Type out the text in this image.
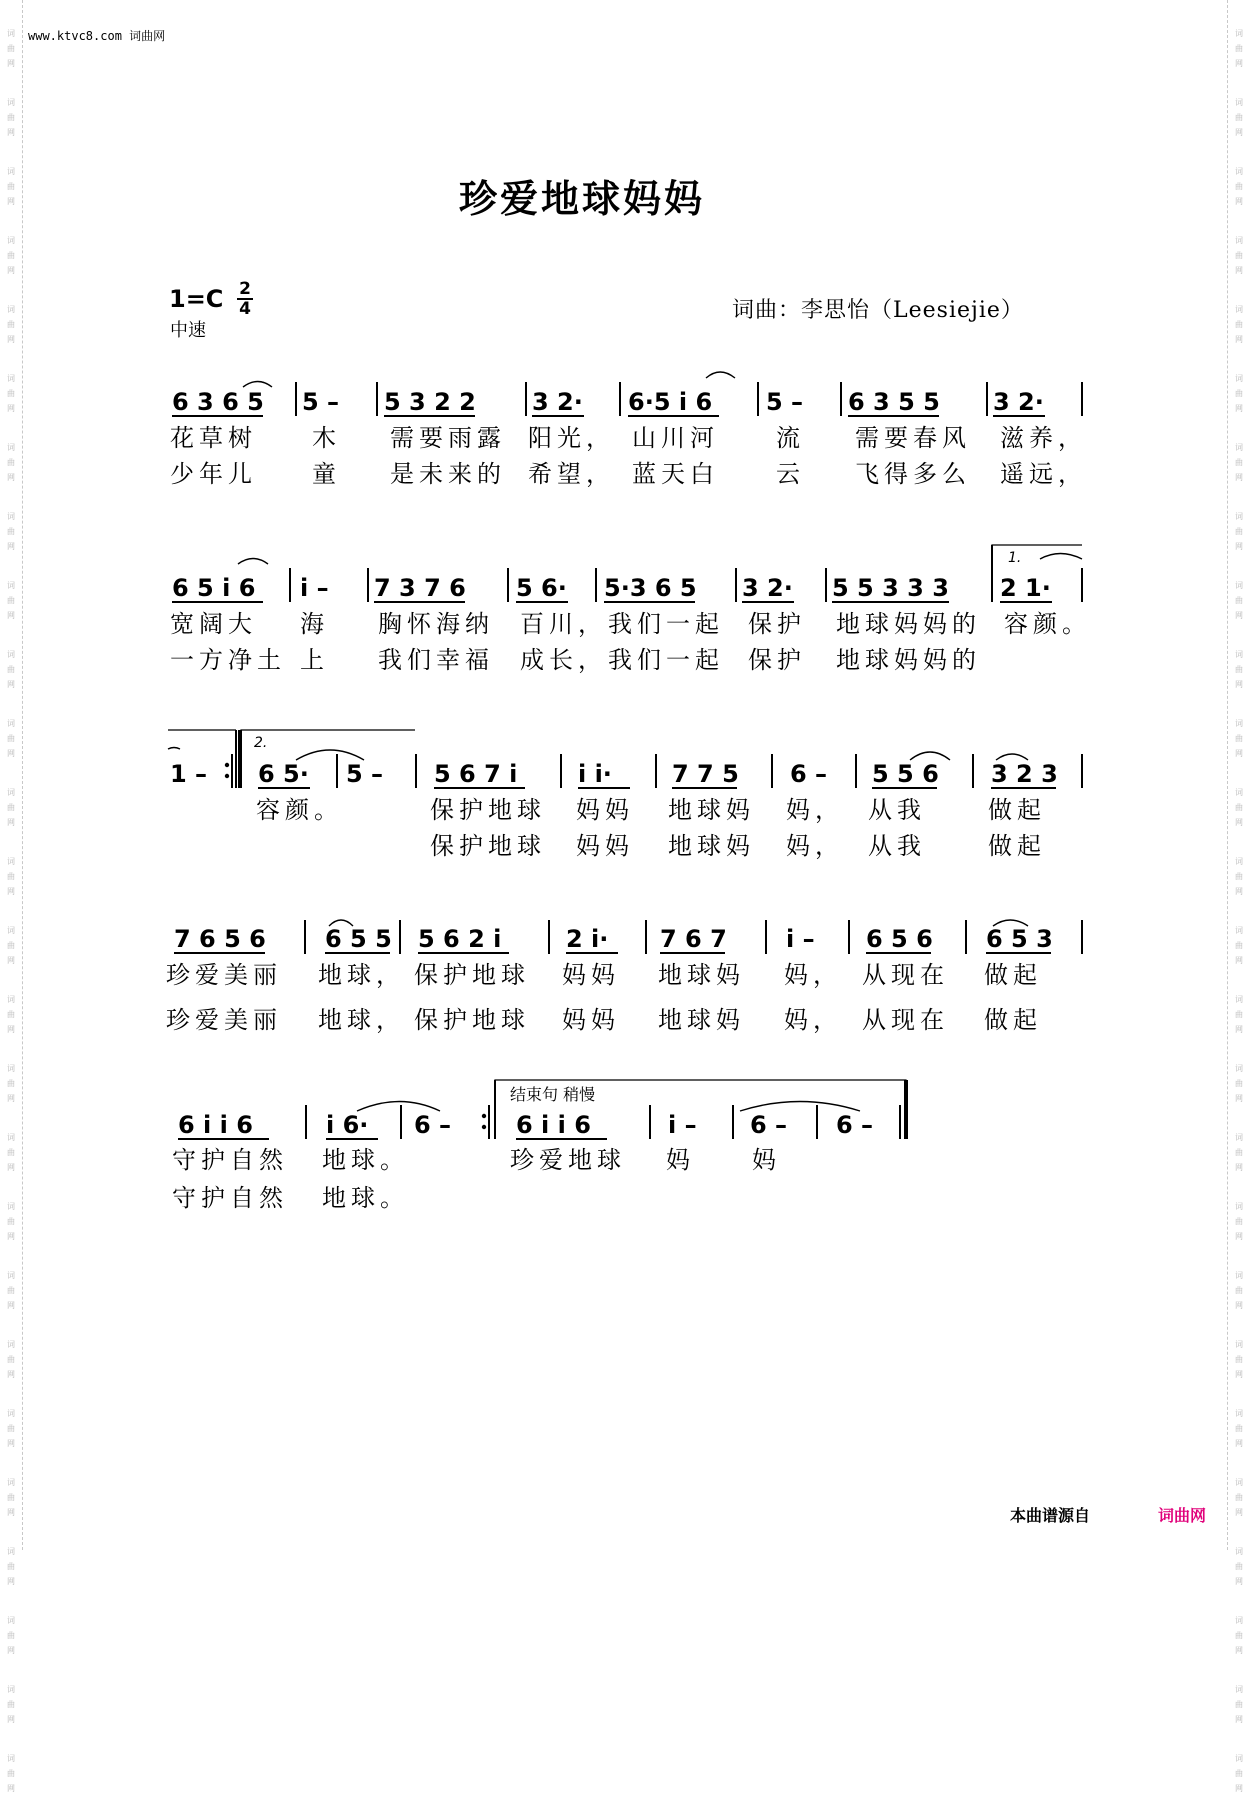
词
曲
网
词
曲
网
词
曲
网
词
曲
网
词
曲
网
词
曲
网
词
曲
网
词
曲
网
词
曲
网
词
曲
网
词
曲
网
词
曲
网
词
曲
网
词
曲
网
词
曲
网
词
曲
网
词
曲
网
词
曲
网
词
曲
网
词
曲
网
词
曲
网
词
曲
网
词
曲
网
词
曲
网
词
曲
网
词
曲
网
词
曲
网
词
曲
网
词
曲
网
词
曲
网
词
曲
网
词
曲
网
词
曲
网
词
曲
网
词
曲
网
词
曲
网
词
曲
网
词
曲
网
词
曲
网
词
曲
网
词
曲
网
词
曲
网
词
曲
网
词
曲
网
词
曲
网
词
曲
网
词
曲
网
词
曲
网
词
曲
网
词
曲
网
词
曲
网
词
曲
网
www.ktvc8.com 词曲网
珍爱地球妈妈
1=C 2
4
中速
词曲：李思怡（Leesiejie）
1.
2.
结束句 稍慢
6 3 6 5 5 – 5 3 2 2 3 2· 6·5 i 6 5 – 6 3 5 5 3 2·
6 5 i 6 i – 7 3 7 6 5 6· 5·3 6 5 3 2· 5 5 3 3 3 2 1·
1 – 6 5· 5 – 5 6 7 i	i i·	7 7 5 6 – 5 5 6 3 2 3
7 6 5 6 6 5 5 5 6 2 i	2 i· 7 6 7 i – 6 5 6 6 5 3
6 i i 6	i 6· 6 –	6 i i 6	i – 6 – 6 –
花草树 木 需要雨露 阳光， 山川河 流 需要春风 滋养，
少年儿 童 是未来的 希望， 蓝天白 云 飞得多么 遥远，
宽阔大 海 胸怀海纳 百川， 我们一起 保护 地球妈妈的 容颜。
一方净土 上 我们幸福 成长， 我们一起 保护 地球妈妈的
容颜。	保护地球 妈妈 地球妈 妈， 从我	做起
保护地球 妈妈 地球妈 妈， 从我	做起
珍爱美丽 地球， 保护地球 妈妈 地球妈 妈， 从现在 做起
珍爱美丽 地球， 保护地球 妈妈 地球妈 妈， 从现在 做起
守护自然 地球。	珍爱地球 妈 妈
守护自然 地球。
本曲谱源自	词曲网
